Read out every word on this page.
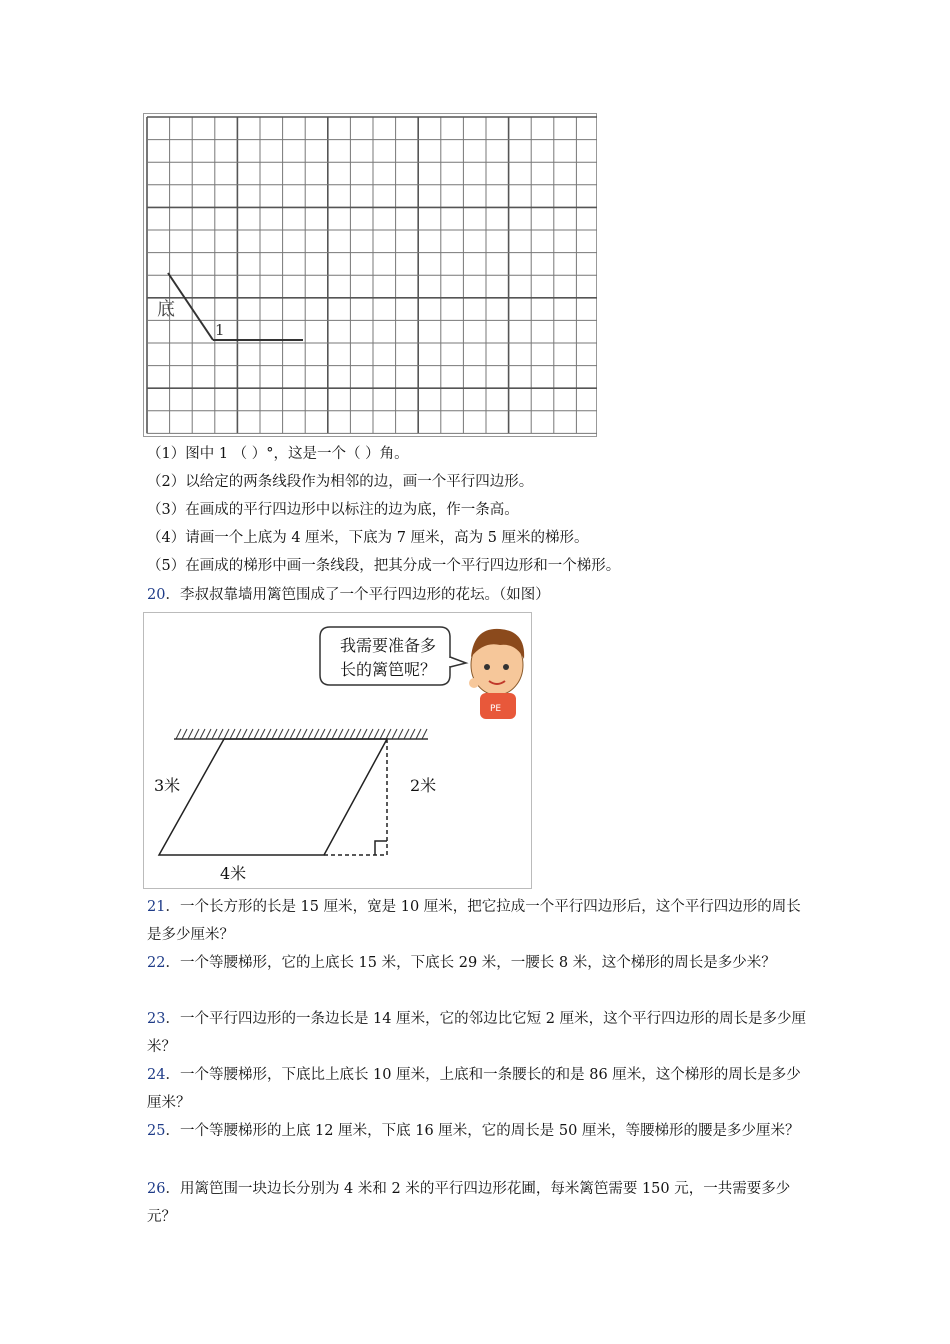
底
1
（1）图中 1 （ ）°，这是一个（ ）角。
（2）以给定的两条线段作为相邻的边，画一个平行四边形。
（3）在画成的平行四边形中以标注的边为底，作一条高。
（4）请画一个上底为 4 厘米，下底为 7 厘米，高为 5 厘米的梯形。
（5）在画成的梯形中画一条线段，把其分成一个平行四边形和一个梯形。
20．李叔叔靠墙用篱笆围成了一个平行四边形的花坛。（如图）
我需要准备多
长的篱笆呢？
PE
3米	2米
4米
21．一个长方形的长是 15 厘米，宽是 10 厘米，把它拉成一个平行四边形后，这个平行四边形的周长是多少厘米？
22．一个等腰梯形，它的上底长 15 米，下底长 29 米，一腰长 8 米，这个梯形的周长是多少米？
23．一个平行四边形的一条边长是 14 厘米，它的邻边比它短 2 厘米，这个平行四边形的周长是多少厘米？
24．一个等腰梯形，下底比上底长 10 厘米，上底和一条腰长的和是 86 厘米，这个梯形的周长是多少厘米？
25．一个等腰梯形的上底 12 厘米，下底 16 厘米，它的周长是 50 厘米，等腰梯形的腰是多少厘米？
26．用篱笆围一块边长分别为 4 米和 2 米的平行四边形花圃，每米篱笆需要 150 元，一共需要多少元？
